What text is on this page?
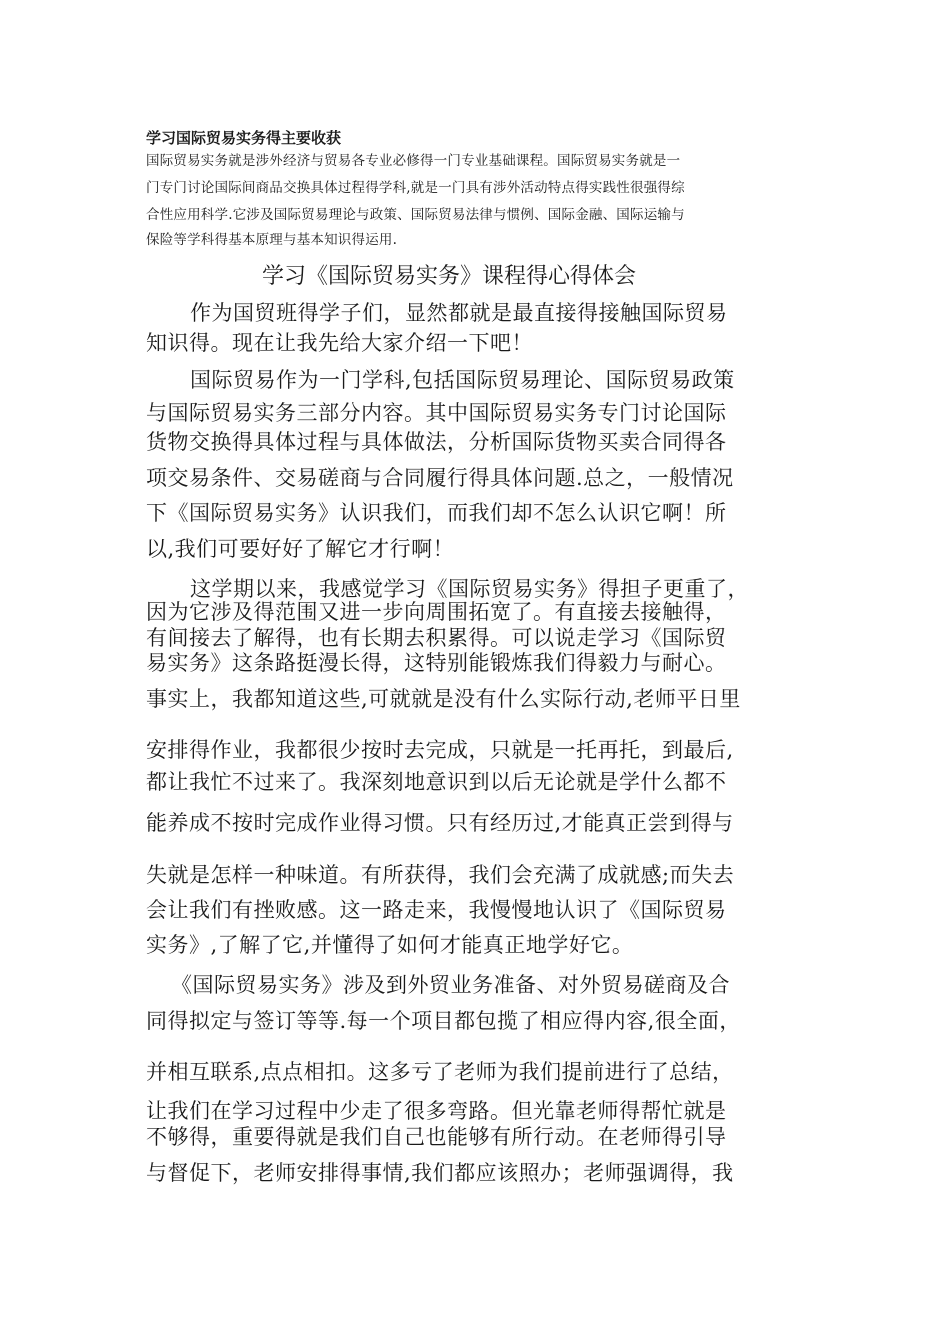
学习国际贸易实务得主要收获
国际贸易实务就是涉外经济与贸易各专业必修得一门专业基础课程。国际贸易实务就是一
门专门讨论国际间商品交换具体过程得学科,就是一门具有涉外活动特点得实践性很强得综
合性应用科学.它涉及国际贸易理论与政策、国际贸易法律与惯例、国际金融、国际运输与
保险等学科得基本原理与基本知识得运用.
学习《国际贸易实务》课程得心得体会
作为国贸班得学子们，显然都就是最直接得接触国际贸易
知识得。现在让我先给大家介绍一下吧！
国际贸易作为一门学科,包括国际贸易理论、国际贸易政策
与国际贸易实务三部分内容。其中国际贸易实务专门讨论国际
货物交换得具体过程与具体做法，分析国际货物买卖合同得各
项交易条件、交易磋商与合同履行得具体问题.总之，一般情况
下《国际贸易实务》认识我们，而我们却不怎么认识它啊！所
以,我们可要好好了解它才行啊！
这学期以来，我感觉学习《国际贸易实务》得担子更重了，
因为它涉及得范围又进一步向周围拓宽了。有直接去接触得，
有间接去了解得，也有长期去积累得。可以说走学习《国际贸
易实务》这条路挺漫长得，这特别能锻炼我们得毅力与耐心。
事实上，我都知道这些,可就就是没有什么实际行动,老师平日里
安排得作业，我都很少按时去完成，只就是一托再托，到最后,
都让我忙不过来了。我深刻地意识到以后无论就是学什么都不
能养成不按时完成作业得习惯。只有经历过,才能真正尝到得与
失就是怎样一种味道。有所获得，我们会充满了成就感;而失去
会让我们有挫败感。这一路走来，我慢慢地认识了《国际贸易
实务》,了解了它,并懂得了如何才能真正地学好它。
《国际贸易实务》涉及到外贸业务准备、对外贸易磋商及合
同得拟定与签订等等.每一个项目都包揽了相应得内容,很全面，
并相互联系,点点相扣。这多亏了老师为我们提前进行了总结，
让我们在学习过程中少走了很多弯路。但光靠老师得帮忙就是
不够得，重要得就是我们自己也能够有所行动。在老师得引导
与督促下，老师安排得事情,我们都应该照办；老师强调得，我
